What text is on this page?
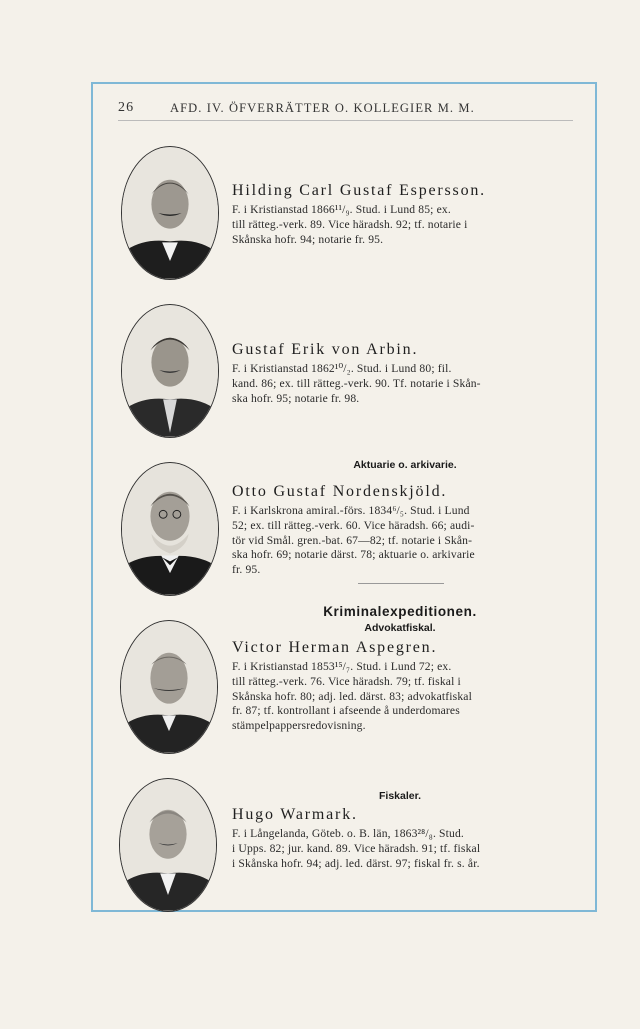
26	AFD. IV. ÖFVERRÄTTER O. KOLLEGIER M. M.
Hilding Carl Gustaf Espersson.
F. i Kristianstad 1866¹¹/₉. Stud. i Lund 85; ex.
till rätteg.-verk. 89. Vice häradsh. 92; tf. notarie i
Skånska hofr. 94; notarie fr. 95.
Gustaf Erik von Arbin.
F. i Kristianstad 1862¹⁰/₂. Stud. i Lund 80; fil.
kand. 86; ex. till rätteg.-verk. 90. Tf. notarie i Skån-
ska hofr. 95; notarie fr. 98.
Aktuarie o. arkivarie.
Otto Gustaf Nordenskjöld.
F. i Karlskrona amiral.-förs. 1834⁶/₅. Stud. i Lund
52; ex. till rätteg.-verk. 60. Vice häradsh. 66; audi-
tör vid Smål. gren.-bat. 67—82; tf. notarie i Skån-
ska hofr. 69; notarie därst. 78; aktuarie o. arkivarie
fr. 95.
Kriminalexpeditionen.
Advokatfiskal.
Victor Herman Aspegren.
F. i Kristianstad 1853¹⁵/₇. Stud. i Lund 72; ex.
till rätteg.-verk. 76. Vice häradsh. 79; tf. fiskal i
Skånska hofr. 80; adj. led. därst. 83; advokatfiskal
fr. 87; tf. kontrollant i afseende å underdomares
stämpelpappersredovisning.
Fiskaler.
Hugo Warmark.
F. i Långelanda, Göteb. o. B. län, 1863²⁸/₈. Stud.
i Upps. 82; jur. kand. 89. Vice häradsh. 91; tf. fiskal
i Skånska hofr. 94; adj. led. därst. 97; fiskal fr. s. år.
